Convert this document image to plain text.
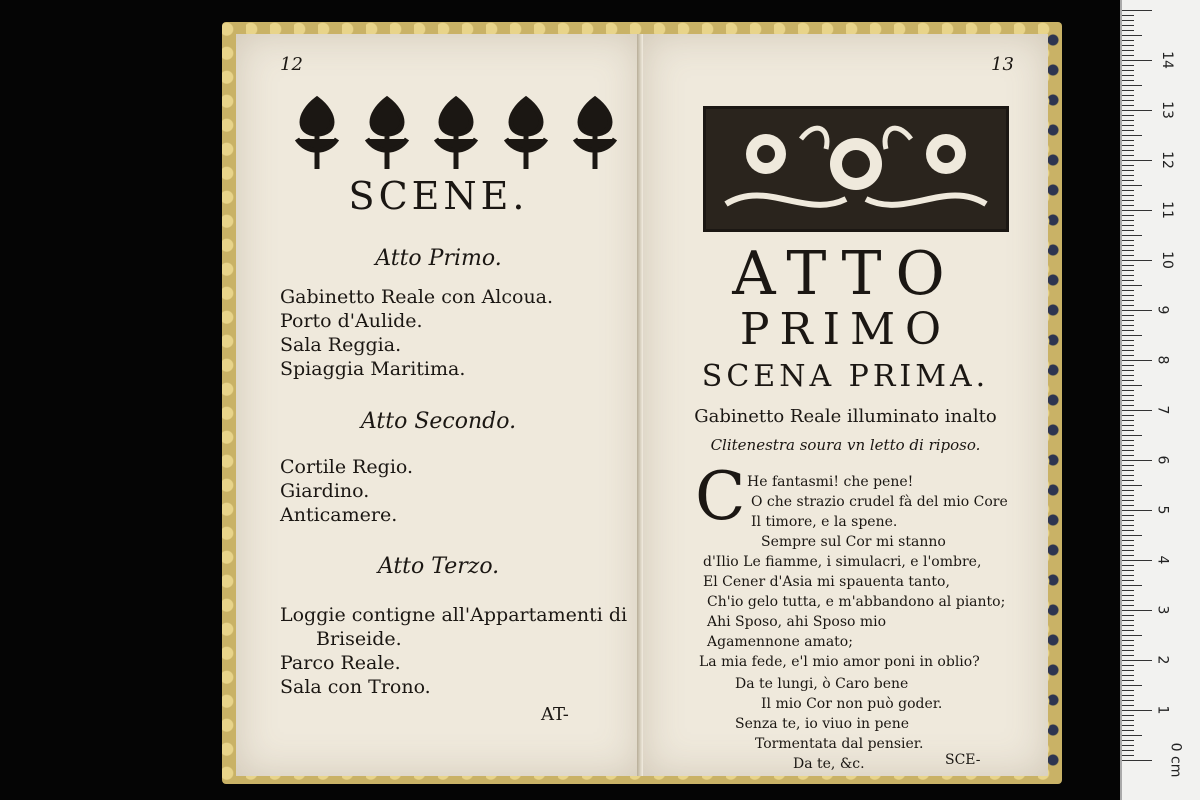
12
SCENE.
Atto Primo.
Gabinetto Reale con Alcoua.
Porto d'Aulide.
Sala Reggia.
Spiaggia Maritima.
Atto Secondo.
Cortile Regio.
Giardino.
Anticamere.
Atto Terzo.
Loggie contigne all'Appartamenti di
Briseide.
Parco Reale.
Sala con Trono.
AT-
13
ATTO
PRIMO
SCENA PRIMA.
Gabinetto Reale illuminato inalto
Clitenestra soura vn letto di riposo.
C He fantasmi! che pene!
O che strazio crudel fà del mio Core
Il timore, e la spene.
Sempre sul Cor mi stanno
d'Ilio Le fiamme, i simulacri, e l'ombre,
El Cener d'Asia mi spauenta tanto,
Ch'io gelo tutta, e m'abbandono al pianto;
Ahi Sposo, ahi Sposo mio
Agamennone amato;
La mia fede, e'l mio amor poni in oblio?
Da te lungi, ò Caro bene
Il mio Cor non può goder.
Senza te, io viuo in pene
Tormentata dal pensier.
Da te, &c.	SCE-	0 cm
1
2
3
4
5
6
7
8
9
10
11
12
13
14
